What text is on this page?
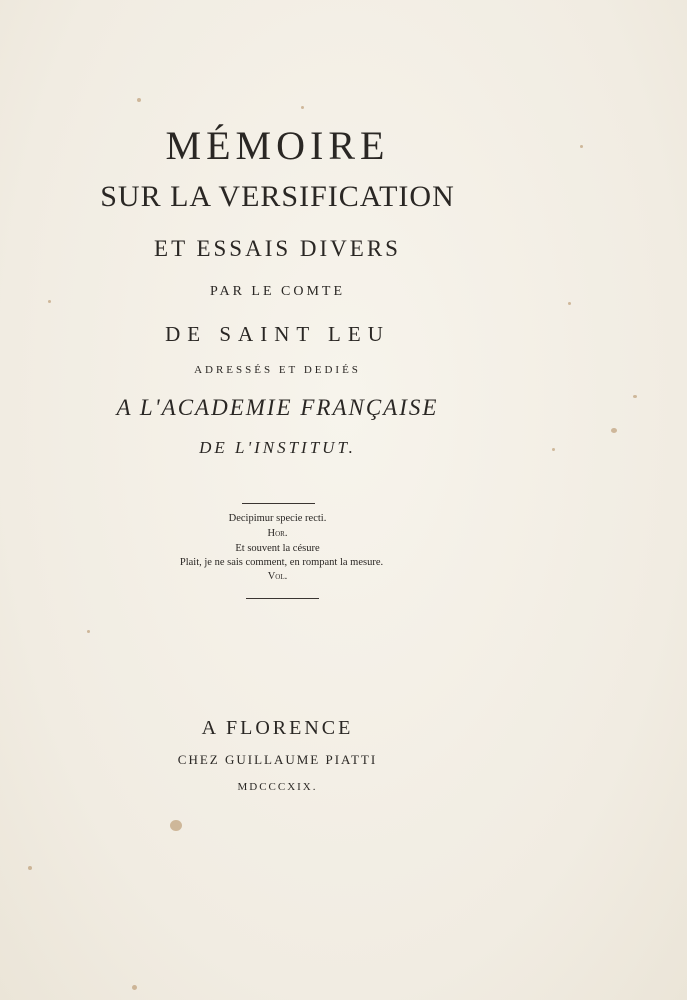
MÉMOIRE
SUR LA VERSIFICATION
ET ESSAIS DIVERS
PAR LE COMTE
DE SAINT LEU
ADRESSÉS ET DEDIÉS
A L'ACADEMIE FRANÇAISE
DE L'INSTITUT.
Decipimur specie recti.
Hor.
Et souvent la césure
Plait, je ne sais comment, en rompant la mesure.
Vol.
A FLORENCE
CHEZ GUILLAUME PIATTI
MDCCCXIX.
